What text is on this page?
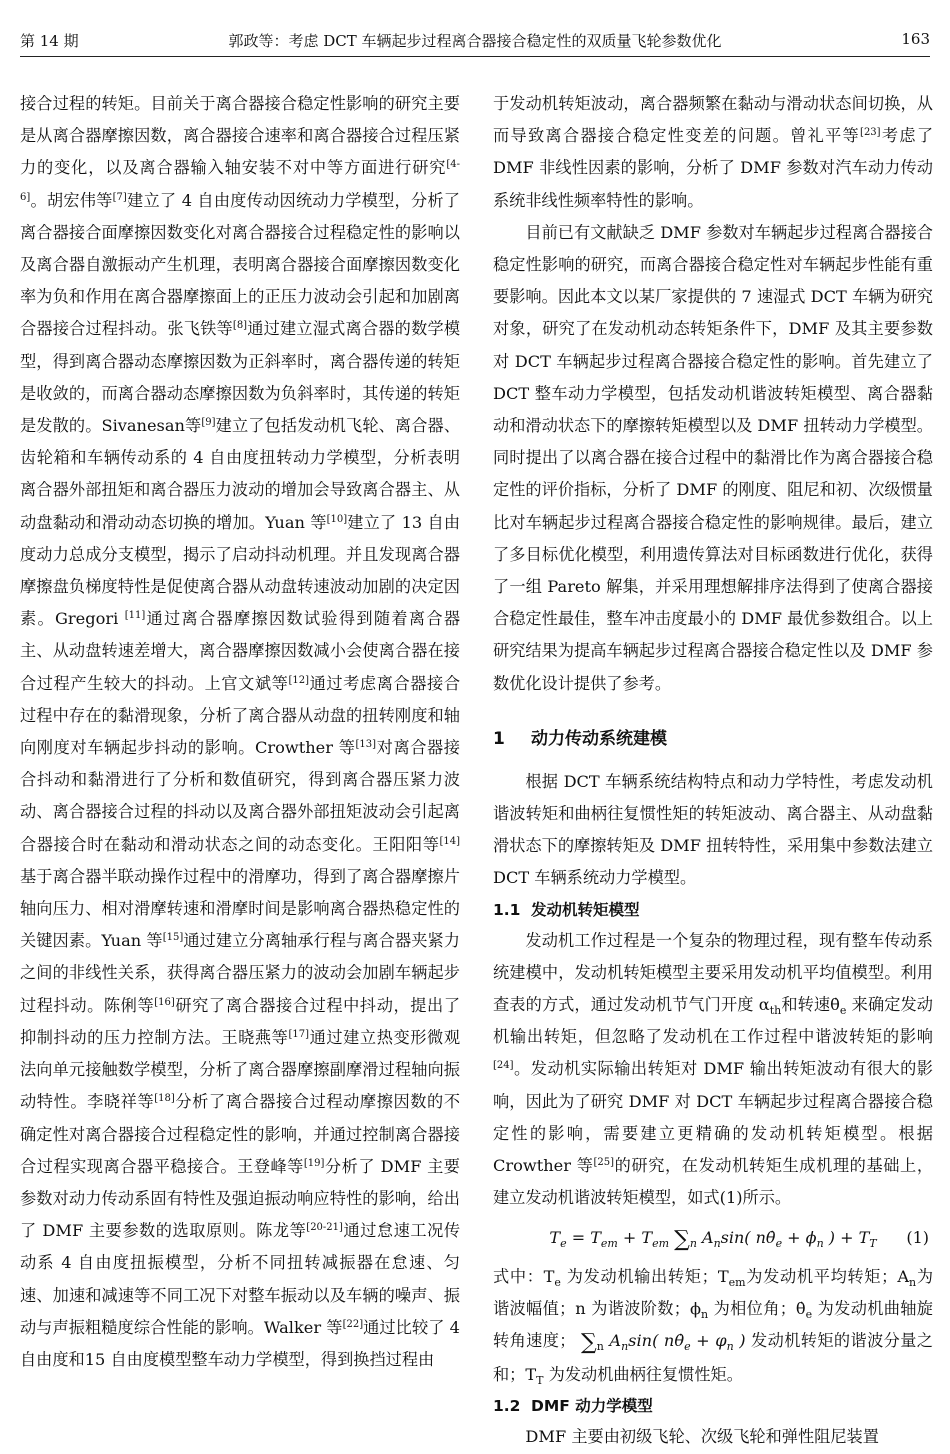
第 14 期	郭政等：考虑 DCT 车辆起步过程离合器接合稳定性的双质量飞轮参数优化	163

接合过程的转矩。目前关于离合器接合稳定性影响的研究主要是从离合器摩擦因数，离合器接合速率和离合器接合过程压紧力的变化，以及离合器输入轴安装不对中等方面进行研究[4-6]。胡宏伟等[7]建立了 4 自由度传动因统动力学模型，分析了离合器接合面摩擦因数变化对离合器接合过程稳定性的影响以及离合器自激振动产生机理，表明离合器接合面摩擦因数变化率为负和作用在离合器摩擦面上的正压力波动会引起和加剧离合器接合过程抖动。张飞铁等[8]通过建立湿式离合器的数学模型，得到离合器动态摩擦因数为正斜率时，离合器传递的转矩是收敛的，而离合器动态摩擦因数为负斜率时，其传递的转矩是发散的。Sivanesan等[9]建立了包括发动机飞轮、离合器、齿轮箱和车辆传动系的 4 自由度扭转动力学模型，分析表明离合器外部扭矩和离合器压力波动的增加会导致离合器主、从动盘黏动和滑动动态切换的增加。Yuan 等[10]建立了 13 自由度动力总成分支模型，揭示了启动抖动机理。并且发现离合器摩擦盘负梯度特性是促使离合器从动盘转速波动加剧的决定因素。Gregori [11]通过离合器摩擦因数试验得到随着离合器主、从动盘转速差增大，离合器摩擦因数减小会使离合器在接合过程产生较大的抖动。上官文斌等[12]通过考虑离合器接合过程中存在的黏滑现象，分析了离合器从动盘的扭转刚度和轴向刚度对车辆起步抖动的影响。Crowther 等[13]对离合器接合抖动和黏滑进行了分析和数值研究，得到离合器压紧力波动、离合器接合过程的抖动以及离合器外部扭矩波动会引起离合器接合时在黏动和滑动状态之间的动态变化。王阳阳等[14]基于离合器半联动操作过程中的滑摩功，得到了离合器摩擦片轴向压力、相对滑摩转速和滑摩时间是影响离合器热稳定性的关键因素。Yuan 等[15]通过建立分离轴承行程与离合器夹紧力之间的非线性关系，获得离合器压紧力的波动会加剧车辆起步过程抖动。陈俐等[16]研究了离合器接合过程中抖动，提出了抑制抖动的压力控制方法。王晓燕等[17]通过建立热变形微观法向单元接触数学模型，分析了离合器摩擦副摩滑过程轴向振动特性。李晓祥等[18]分析了离合器接合过程动摩擦因数的不确定性对离合器接合过程稳定性的影响，并通过控制离合器接合过程实现离合器平稳接合。王登峰等[19]分析了 DMF 主要参数对动力传动系固有特性及强迫振动响应特性的影响，给出了 DMF 主要参数的选取原则。陈龙等[20-21]通过怠速工况传动系 4 自由度扭振模型，分析不同扭转减振器在怠速、匀速、加速和减速等不同工况下对整车振动以及车辆的噪声、振动与声振粗糙度综合性能的影响。Walker 等[22]通过比较了 4 自由度和15 自由度模型整车动力学模型，得到换挡过程由

于发动机转矩波动，离合器频繁在黏动与滑动状态间切换，从而导致离合器接合稳定性变差的问题。曾礼平等[23]考虑了 DMF 非线性因素的影响，分析了 DMF 参数对汽车动力传动系统非线性频率特性的影响。

目前已有文献缺乏 DMF 参数对车辆起步过程离合器接合稳定性影响的研究，而离合器接合稳定性对车辆起步性能有重要影响。因此本文以某厂家提供的 7 速湿式 DCT 车辆为研究对象，研究了在发动机动态转矩条件下，DMF 及其主要参数对 DCT 车辆起步过程离合器接合稳定性的影响。首先建立了 DCT 整车动力学模型，包括发动机谐波转矩模型、离合器黏动和滑动状态下的摩擦转矩模型以及 DMF 扭转动力学模型。同时提出了以离合器在接合过程中的黏滑比作为离合器接合稳定性的评价指标，分析了 DMF 的刚度、阻尼和初、次级惯量比对车辆起步过程离合器接合稳定性的影响规律。最后，建立了多目标优化模型，利用遗传算法对目标函数进行优化，获得了一组 Pareto 解集，并采用理想解排序法得到了使离合器接合稳定性最佳，整车冲击度最小的 DMF 最优参数组合。以上研究结果为提高车辆起步过程离合器接合稳定性以及 DMF 参数优化设计提供了参考。

1 动力传动系统建模

根据 DCT 车辆系统结构特点和动力学特性，考虑发动机谐波转矩和曲柄往复惯性矩的转矩波动、离合器主、从动盘黏滑状态下的摩擦转矩及 DMF 扭转特性，采用集中参数法建立 DCT 车辆系统动力学模型。

1.1 发动机转矩模型

发动机工作过程是一个复杂的物理过程，现有整车传动系统建模中，发动机转矩模型主要采用发动机平均值模型。利用查表的方式，通过发动机节气门开度 $\alpha_{th}$和转速$\thetȧ_e$ 来确定发动机输出转矩，但忽略了发动机在工作过程中谐波转矩的影响[24]。发动机实际输出转矩对 DMF 输出转矩波动有很大的影响，因此为了研究 DMF 对 DCT 车辆起步过程离合器接合稳定性的影响，需要建立更精确的发动机转矩模型。根据 Crowther 等[25]的研究，在发动机转矩生成机理的基础上，建立发动机谐波转矩模型，如式(1)所示。

$T_e = T_{em} + T_{em}$ $\sum_n$ $A_n\sin$( $n\thetȧ_e + \phi_n$ ) + $T_T$ (1)

式中：$T_e$ 为发动机输出转矩；$T_{em}$为发动机平均转矩；$A_n$为谐波幅值；n 为谐波阶数；$\phi_n$ 为相位角；$\thetȧ_e$ 为发动机曲轴旋转角速度； $\sum_n$ $A_n\sin$( $n\thetȧ_e + \varphi_n$ ) 发动机转矩的谐波分量之和；$T_T$ 为发动机曲柄往复惯性矩。

1.2 DMF 动力学模型

DMF 主要由初级飞轮、次级飞轮和弹性阻尼装置
